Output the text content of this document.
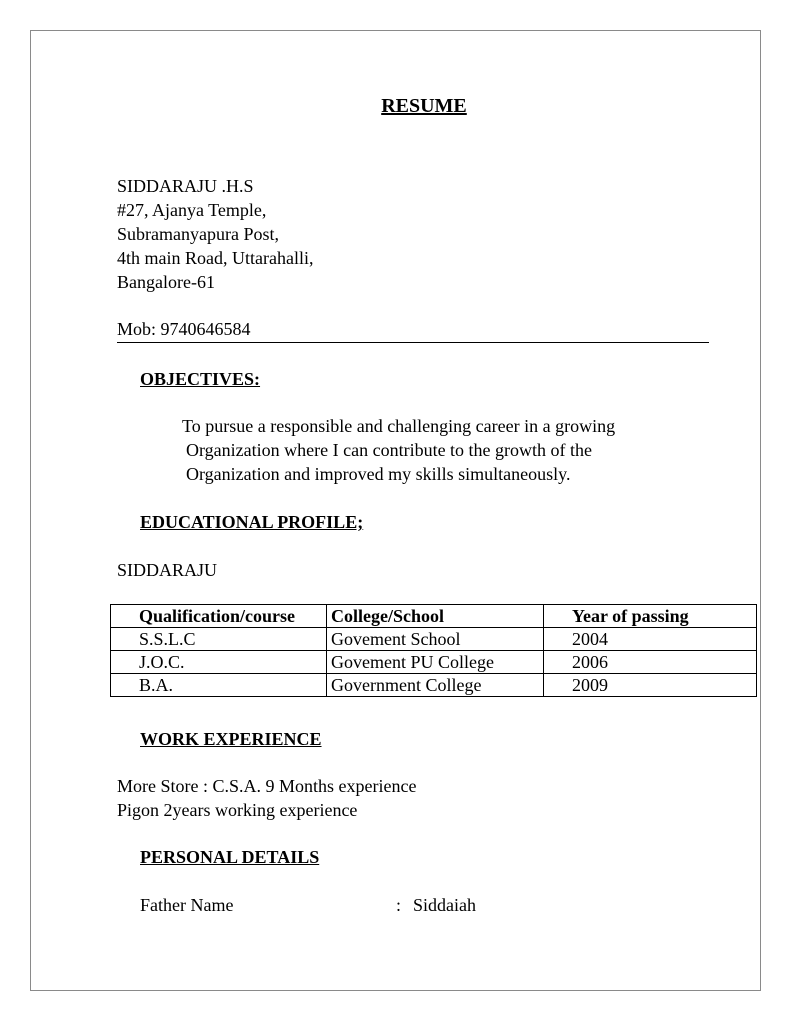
RESUME
SIDDARAJU .H.S
#27, Ajanya Temple,
Subramanyapura Post,
4th main Road, Uttarahalli,
Bangalore-61
Mob: 9740646584
OBJECTIVES:
To pursue a responsible and challenging career in a growing
Organization where I can contribute to the growth of the
Organization and improved my skills simultaneously.
EDUCATIONAL PROFILE;
SIDDARAJU
Qualification/course	College/School	Year of passing
S.S.L.C	Govement School	2004
J.O.C.	Govement PU College	2006
B.A.	Government College	2009
WORK EXPERIENCE
More Store : C.S.A. 9 Months experience
Pigon 2years working experience
PERSONAL DETAILS
Father Name	: Siddaiah
